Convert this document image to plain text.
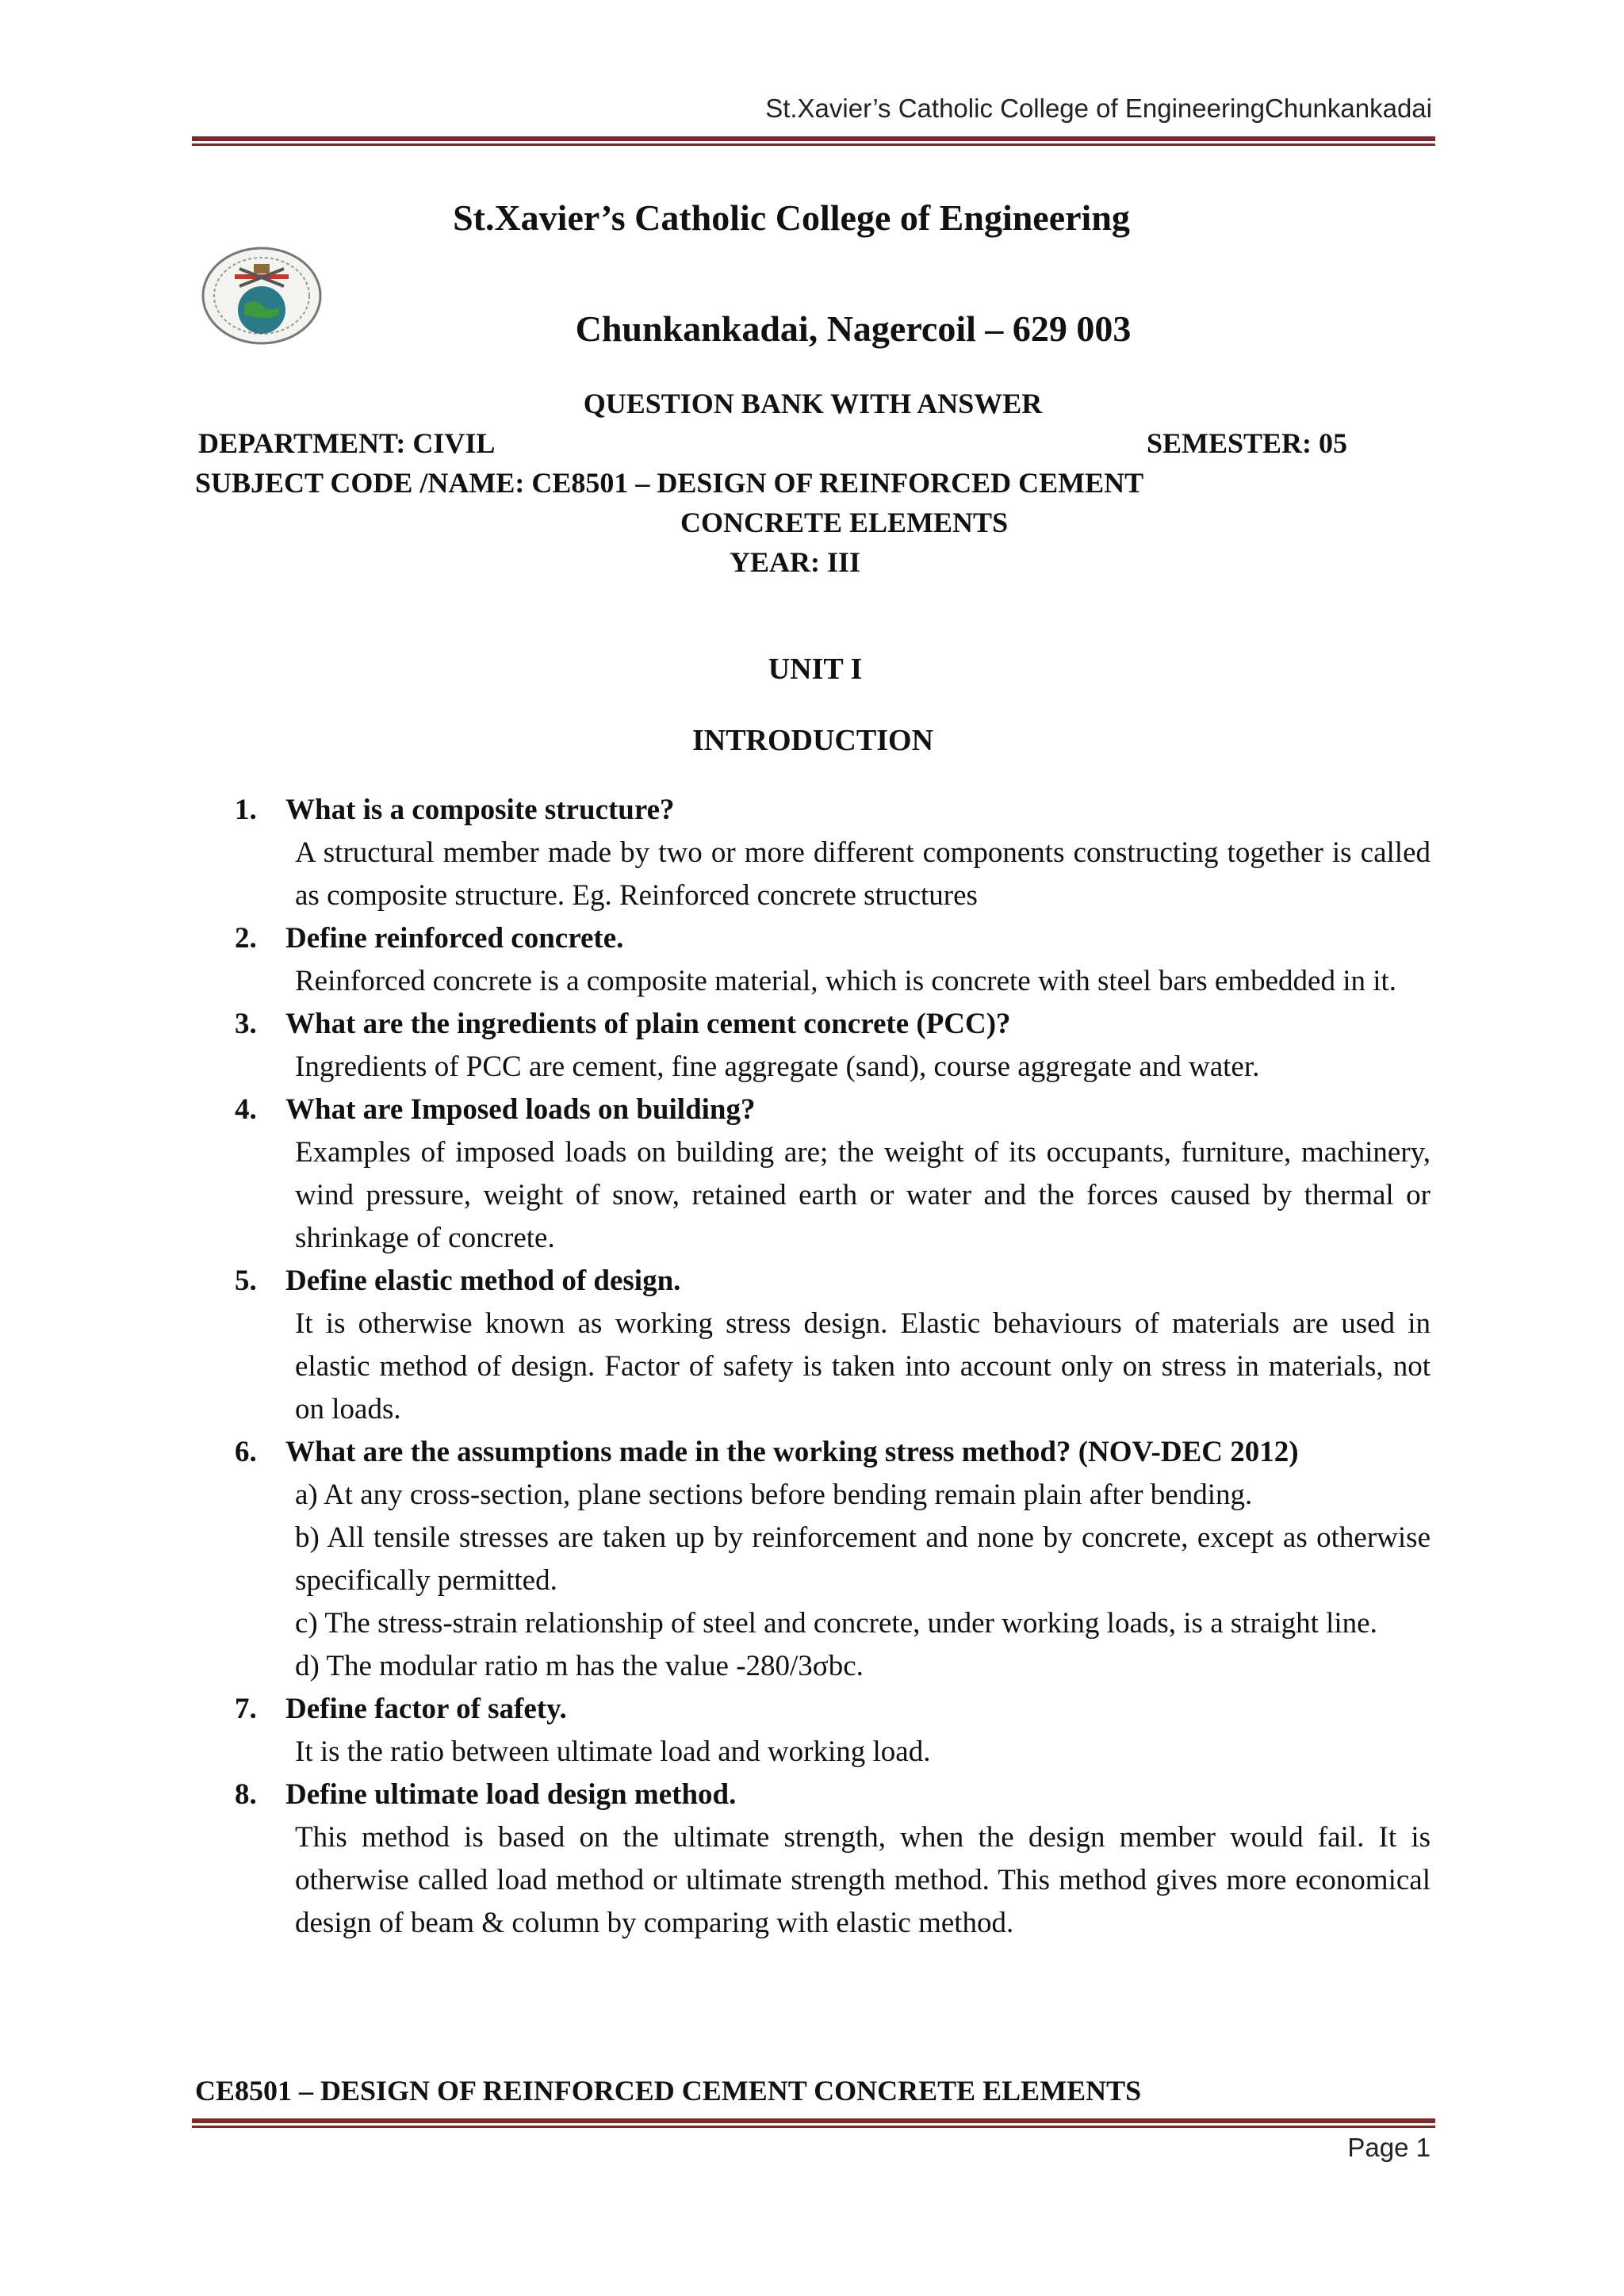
St.Xavier’s Catholic College of EngineeringChunkankadai
St.Xavier’s Catholic College of Engineering
Chunkankadai, Nagercoil – 629 003
QUESTION BANK WITH ANSWER
DEPARTMENT: CIVIL	SEMESTER: 05
SUBJECT CODE /NAME: CE8501 – DESIGN OF REINFORCED CEMENT
CONCRETE ELEMENTS
YEAR: III
UNIT I
INTRODUCTION
1. What is a composite structure?

A structural member made by two or more different components constructing together is called as composite structure. Eg. Reinforced concrete structures

2. Define reinforced concrete.

Reinforced concrete is a composite material, which is concrete with steel bars embedded in it.

3. What are the ingredients of plain cement concrete (PCC)?

Ingredients of PCC are cement, fine aggregate (sand), course aggregate and water.

4. What are Imposed loads on building?

Examples of imposed loads on building are; the weight of its occupants, furniture, machinery, wind pressure, weight of snow, retained earth or water and the forces caused by thermal or shrinkage of concrete.

5. Define elastic method of design.

It is otherwise known as working stress design. Elastic behaviours of materials are used in elastic method of design. Factor of safety is taken into account only on stress in materials, not on loads.

6. What are the assumptions made in the working stress method? (NOV-DEC 2012)

a) At any cross-section, plane sections before bending remain plain after bending.

b) All tensile stresses are taken up by reinforcement and none by concrete, except as otherwise specifically permitted.

c) The stress-strain relationship of steel and concrete, under working loads, is a straight line.

d) The modular ratio m has the value -280/3σbc.

7. Define factor of safety.

It is the ratio between ultimate load and working load.

8. Define ultimate load design method.

This method is based on the ultimate strength, when the design member would fail. It is otherwise called load method or ultimate strength method. This method gives more economical design of beam & column by comparing with elastic method.

CE8501 – DESIGN OF REINFORCED CEMENT CONCRETE ELEMENTS
Page 1
